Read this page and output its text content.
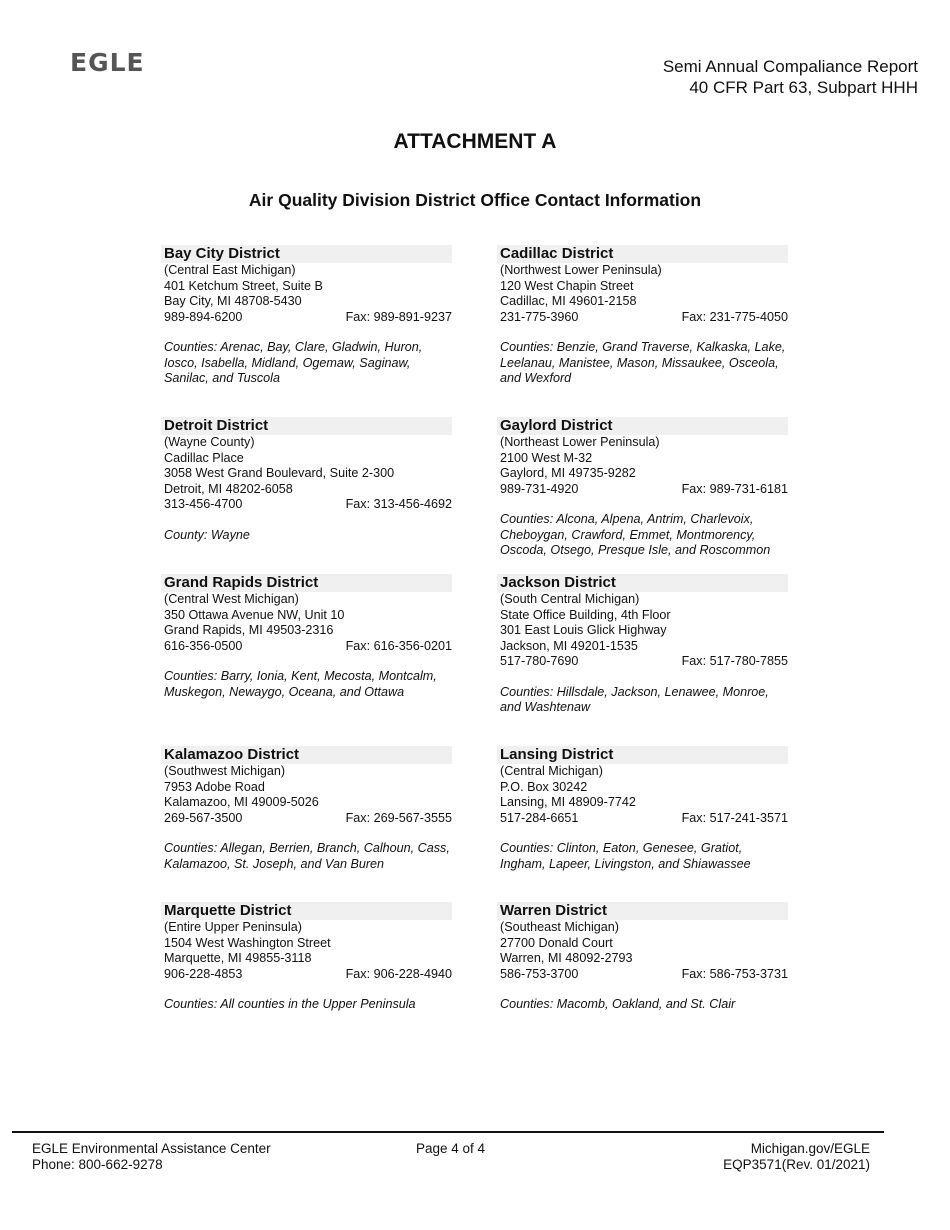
EGLE	Semi Annual Compaliance Report
40 CFR Part 63, Subpart HHH
ATTACHMENT A
Air Quality Division District Office Contact Information
Bay City District
(Central East Michigan)
401 Ketchum Street, Suite B
Bay City, MI 48708-5430
989-894-6200	Fax: 989-891-9237
Counties: Arenac, Bay, Clare, Gladwin, Huron, Iosco, Isabella, Midland, Ogemaw, Saginaw, Sanilac, and Tuscola
Cadillac District
(Northwest Lower Peninsula)
120 West Chapin Street
Cadillac, MI 49601-2158
231-775-3960	Fax: 231-775-4050
Counties: Benzie, Grand Traverse, Kalkaska, Lake, Leelanau, Manistee, Mason, Missaukee, Osceola, and Wexford
Detroit District
(Wayne County)
Cadillac Place
3058 West Grand Boulevard, Suite 2-300
Detroit, MI 48202-6058
313-456-4700	Fax: 313-456-4692
County: Wayne
Gaylord District
(Northeast Lower Peninsula)
2100 West M-32
Gaylord, MI 49735-9282
989-731-4920	Fax: 989-731-6181
Counties: Alcona, Alpena, Antrim, Charlevoix, Cheboygan, Crawford, Emmet, Montmorency, Oscoda, Otsego, Presque Isle, and Roscommon
Grand Rapids District
(Central West Michigan)
350 Ottawa Avenue NW, Unit 10
Grand Rapids, MI 49503-2316
616-356-0500	Fax: 616-356-0201
Counties: Barry, Ionia, Kent, Mecosta, Montcalm, Muskegon, Newaygo, Oceana, and Ottawa
Jackson District
(South Central Michigan)
State Office Building, 4th Floor
301 East Louis Glick Highway
Jackson, MI 49201-1535
517-780-7690	Fax: 517-780-7855
Counties: Hillsdale, Jackson, Lenawee, Monroe, and Washtenaw
Kalamazoo District
(Southwest Michigan)
7953 Adobe Road
Kalamazoo, MI 49009-5026
269-567-3500	Fax: 269-567-3555
Counties: Allegan, Berrien, Branch, Calhoun, Cass, Kalamazoo, St. Joseph, and Van Buren
Lansing District
(Central Michigan)
P.O. Box 30242
Lansing, MI 48909-7742
517-284-6651	Fax: 517-241-3571
Counties: Clinton, Eaton, Genesee, Gratiot, Ingham, Lapeer, Livingston, and Shiawassee
Marquette District
(Entire Upper Peninsula)
1504 West Washington Street
Marquette, MI 49855-3118
906-228-4853	Fax: 906-228-4940
Counties: All counties in the Upper Peninsula
Warren District
(Southeast Michigan)
27700 Donald Court
Warren, MI 48092-2793
586-753-3700	Fax: 586-753-3731
Counties: Macomb, Oakland, and St. Clair
EGLE Environmental Assistance Center
Phone: 800-662-9278
Page 4 of 4	Michigan.gov/EGLE
EQP3571(Rev. 01/2021)
